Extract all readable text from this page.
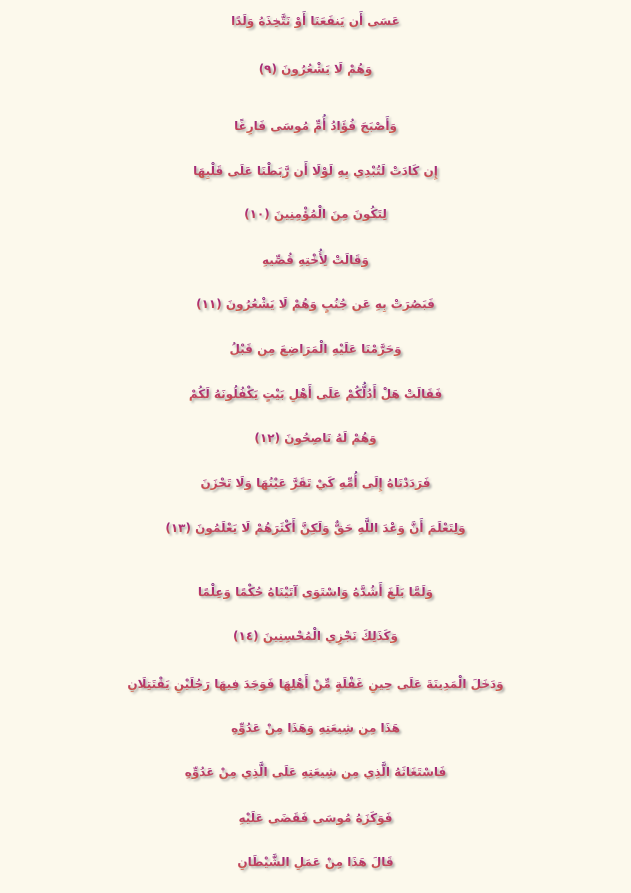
عَسَى أَن يَنفَعَنَا أَوْ نَتَّخِذَهُ وَلَدًا
وَهُمْ لَا يَشْعُرُونَ (٩)
وَأَصْبَحَ فُؤَادُ أُمِّ مُوسَى فَارِغًا
إِن كَادَتْ لَتُبْدِي بِهِ لَوْلَا أَن رَّبَطْنَا عَلَى قَلْبِهَا
لِتَكُونَ مِنَ الْمُؤْمِنِينَ (١٠)
وَقَالَتْ لِأُخْتِهِ قُصِّيهِ
فَبَصُرَتْ بِهِ عَن جُنُبٍ وَهُمْ لَا يَشْعُرُونَ (١١)
وَحَرَّمْنَا عَلَيْهِ الْمَرَاضِعَ مِن قَبْلُ
فَقَالَتْ هَلْ أَدُلُّكُمْ عَلَى أَهْلِ بَيْتٍ يَكْفُلُونَهُ لَكُمْ
وَهُمْ لَهُ نَاصِحُونَ (١٢)
فَرَدَدْنَاهُ إِلَى أُمِّهِ كَيْ تَقَرَّ عَيْنُهَا وَلَا تَحْزَنَ
وَلِتَعْلَمَ أَنَّ وَعْدَ اللَّهِ حَقٌّ وَلَكِنَّ أَكْثَرَهُمْ لَا يَعْلَمُونَ (١٣)
وَلَمَّا بَلَغَ أَشُدَّهُ وَاسْتَوَى آتَيْنَاهُ حُكْمًا وَعِلْمًا
وَكَذَلِكَ نَجْزِي الْمُحْسِنِينَ (١٤)
وَدَخَلَ الْمَدِينَةَ عَلَى حِينِ غَفْلَةٍ مِّنْ أَهْلِهَا فَوَجَدَ فِيهَا رَجُلَيْنِ يَقْتَتِلَانِ
هَذَا مِن شِيعَتِهِ وَهَذَا مِنْ عَدُوِّهِ
فَاسْتَغَاثَهُ الَّذِي مِن شِيعَتِهِ عَلَى الَّذِي مِنْ عَدُوِّهِ
فَوَكَزَهُ مُوسَى فَقَضَى عَلَيْهِ
قَالَ هَذَا مِنْ عَمَلِ الشَّيْطَانِ
